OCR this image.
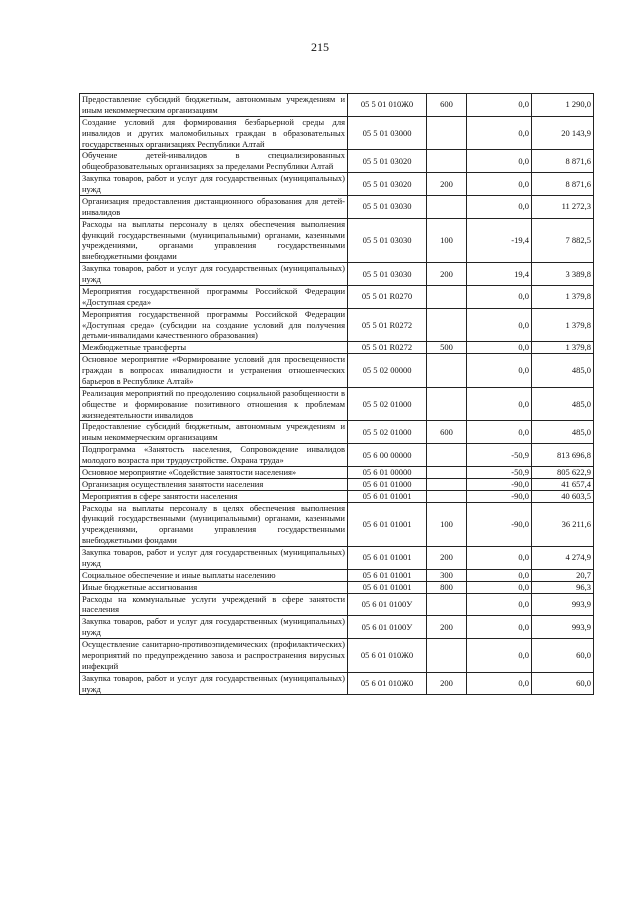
215
Предоставление субсидий бюджетным, автономным учреждениям и иным некоммерческим организациям	05 5 01 010Ж0	600	0,0	1 290,0
Создание условий для формирования безбарьерной среды для инвалидов и других маломобильных граждан в образовательных государственных организациях Республики Алтай	05 5 01 03000		0,0	20 143,9
Обучение детей-инвалидов в специализированных общеобразовательных организациях за пределами Республики Алтай	05 5 01 03020		0,0	8 871,6
Закупка товаров, работ и услуг для государственных (муниципальных) нужд	05 5 01 03020	200	0,0	8 871,6
Организация предоставления дистанционного образования для детей-инвалидов	05 5 01 03030		0,0	11 272,3
Расходы на выплаты персоналу в целях обеспечения выполнения функций государственными (муниципальными) органами, казенными учреждениями, органами управления государственными внебюджетными фондами	05 5 01 03030	100	-19,4	7 882,5
Закупка товаров, работ и услуг для государственных (муниципальных) нужд	05 5 01 03030	200	19,4	3 389,8
Мероприятия государственной программы Российской Федерации «Доступная среда»	05 5 01 R0270		0,0	1 379,8
Мероприятия государственной программы Российской Федерации «Доступная среда» (субсидии на создание условий для получения детьми-инвалидами качественного образования)	05 5 01 R0272		0,0	1 379,8
Межбюджетные трансферты	05 5 01 R0272	500	0,0	1 379,8
Основное мероприятие «Формирование условий для просвещенности граждан в вопросах инвалидности и устранения отношенческих барьеров в Республике Алтай»	05 5 02 00000		0,0	485,0
Реализация мероприятий по преодолению социальной разобщенности в обществе и формирование позитивного отношения к проблемам жизнедеятельности инвалидов	05 5 02 01000		0,0	485,0
Предоставление субсидий бюджетным, автономным учреждениям и иным некоммерческим организациям	05 5 02 01000	600	0,0	485,0
Подпрограмма «Занятость населения, Сопровождение инвалидов молодого возраста при трудоустройстве. Охрана труда»	05 6 00 00000		-50,9	813 696,8
Основное мероприятие «Содействие занятости населения»	05 6 01 00000		-50,9	805 622,9
Организация осуществления занятости населения	05 6 01 01000		-90,0	41 657,4
Мероприятия в сфере занятости населения	05 6 01 01001		-90,0	40 603,5
Расходы на выплаты персоналу в целях обеспечения выполнения функций государственными (муниципальными) органами, казенными учреждениями, органами управления государственными внебюджетными фондами	05 6 01 01001	100	-90,0	36 211,6
Закупка товаров, работ и услуг для государственных (муниципальных) нужд	05 6 01 01001	200	0,0	4 274,9
Социальное обеспечение и иные выплаты населению	05 6 01 01001	300	0,0	20,7
Иные бюджетные ассигнования	05 6 01 01001	800	0,0	96,3
Расходы на коммунальные услуги учреждений в сфере занятости населения	05 6 01 0100У		0,0	993,9
Закупка товаров, работ и услуг для государственных (муниципальных) нужд	05 6 01 0100У	200	0,0	993,9
Осуществление санитарно-противоэпидемических (профилактических) мероприятий по предупреждению завоза и распространения вирусных инфекций	05 6 01 010Ж0		0,0	60,0
Закупка товаров, работ и услуг для государственных (муниципальных) нужд	05 6 01 010Ж0	200	0,0	60,0
